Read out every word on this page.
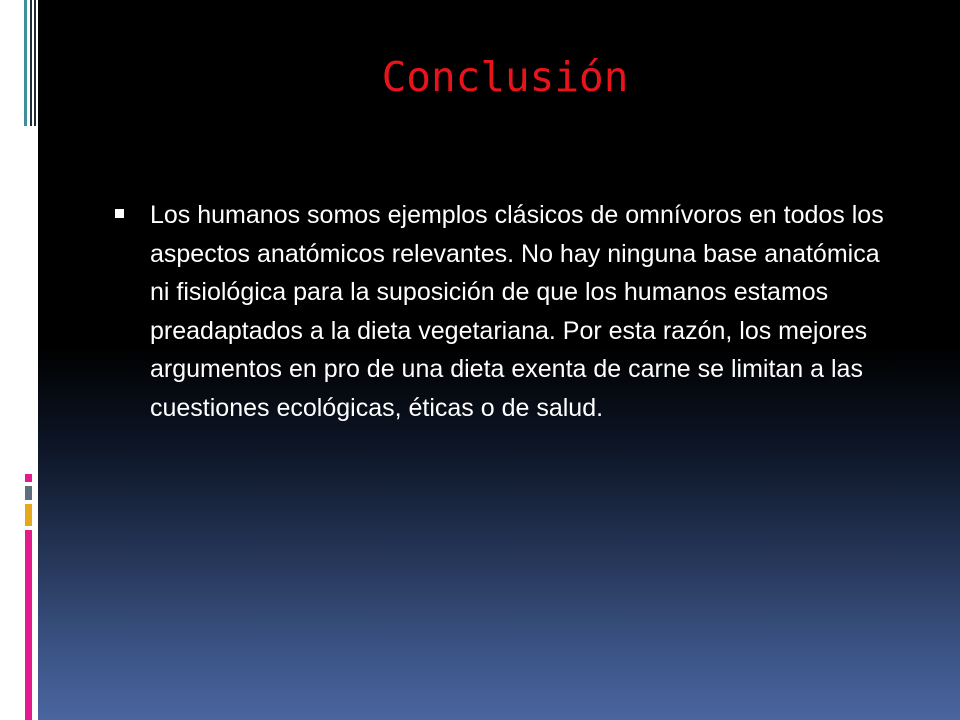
Conclusión
Los humanos somos ejemplos clásicos de omnívoros en todos los aspectos anatómicos relevantes. No hay ninguna base anatómica ni fisiológica para la suposición de que los humanos estamos preadaptados a la dieta vegetariana. Por esta razón, los mejores argumentos en pro de una dieta exenta de carne se limitan a las cuestiones ecológicas, éticas o de salud.
